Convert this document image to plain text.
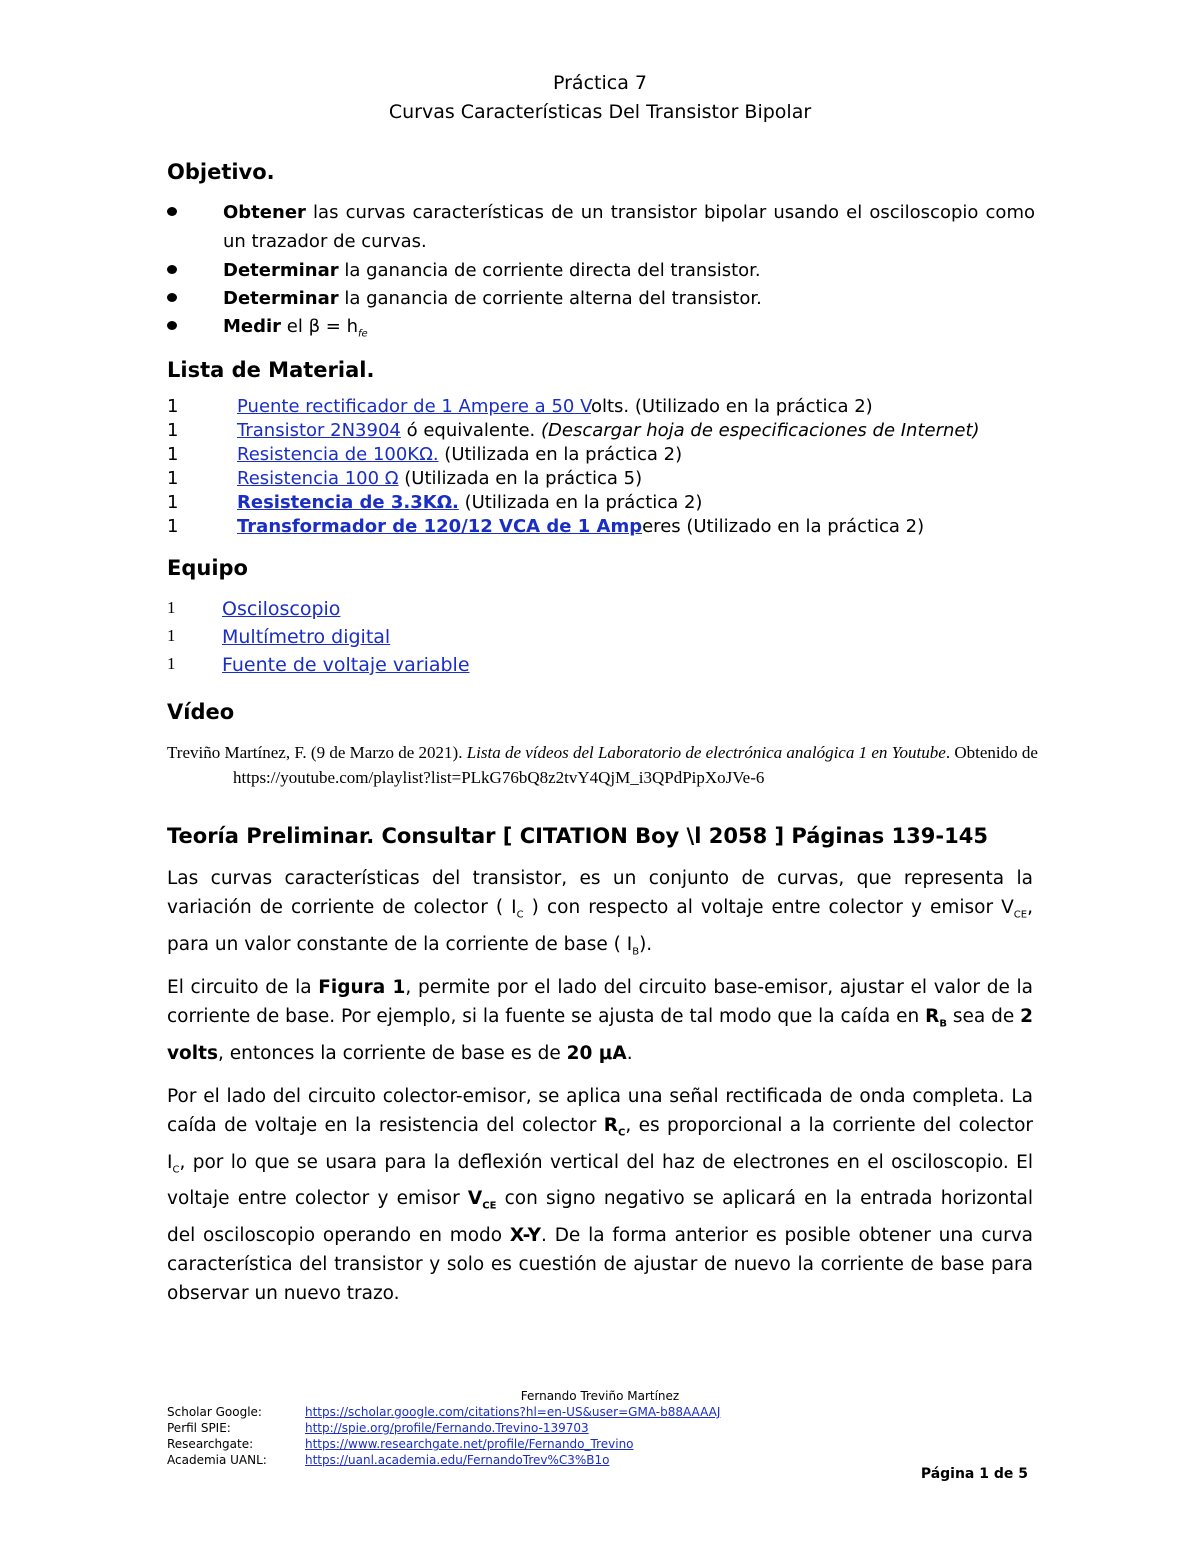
Práctica 7
Curvas Características Del Transistor Bipolar
Objetivo.
Obtener las curvas características de un transistor bipolar usando el osciloscopio como un trazador de curvas.
Determinar la ganancia de corriente directa del transistor.
Determinar la ganancia de corriente alterna del transistor.
Medir el $\beta = h_{fe}$
Lista de Material.
1	Puente rectificador de 1 Ampere a 50 Volts. (Utilizado en la práctica 2)
1	Transistor 2N3904 ó equivalente. (Descargar hoja de especificaciones de Internet)
1	Resistencia de 100KΩ. (Utilizada en la práctica 2)
1	Resistencia 100 Ω (Utilizada en la práctica 5)
1	Resistencia de 3.3KΩ. (Utilizada en la práctica 2)
1	Transformador de 120/12 VCA de 1 Amperes (Utilizado en la práctica 2)
Equipo
1 Osciloscopio
1 Multímetro digital
1 Fuente de voltaje variable
Vídeo
Treviño Martínez, F. (9 de Marzo de 2021). Lista de vídeos del Laboratorio de electrónica analógica 1 en Youtube. Obtenido de https://youtube.com/playlist?list=PLkG76bQ8z2tvY4QjM_i3QPdPipXoJVe-6
Teoría Preliminar. Consultar [ CITATION Boy \l 2058 ] Páginas 139-145
Las curvas características del transistor, es un conjunto de curvas, que representa la variación de corriente de colector ( $I_C$ ) con respecto al voltaje entre colector y emisor $V_{CE}$, para un valor constante de la corriente de base ( $I_B$).
El circuito de la Figura 1, permite por el lado del circuito base-emisor, ajustar el valor de la corriente de base. Por ejemplo, si la fuente se ajusta de tal modo que la caída en $R_B$ sea de 2 volts, entonces la corriente de base es de 20 μA.
Por el lado del circuito colector-emisor, se aplica una señal rectificada de onda completa. La caída de voltaje en la resistencia del colector $R_C$, es proporcional a la corriente del colector $I_C$, por lo que se usara para la deflexión vertical del haz de electrones en el osciloscopio. El voltaje entre colector y emisor $V_{CE}$ con signo negativo se aplicará en la entrada horizontal del osciloscopio operando en modo X-Y. De la forma anterior es posible obtener una curva característica del transistor y solo es cuestión de ajustar de nuevo la corriente de base para observar un nuevo trazo.
Fernando Treviño Martínez
Scholar Google:	https://scholar.google.com/citations?hl=en-US&user=GMA-b88AAAAJ
Perfil SPIE:	http://spie.org/profile/Fernando.Trevino-139703
Researchgate:	https://www.researchgate.net/profile/Fernando_Trevino
Academia UANL:	https://uanl.academia.edu/FernandoTrev%C3%B1o
Página 1 de 5
